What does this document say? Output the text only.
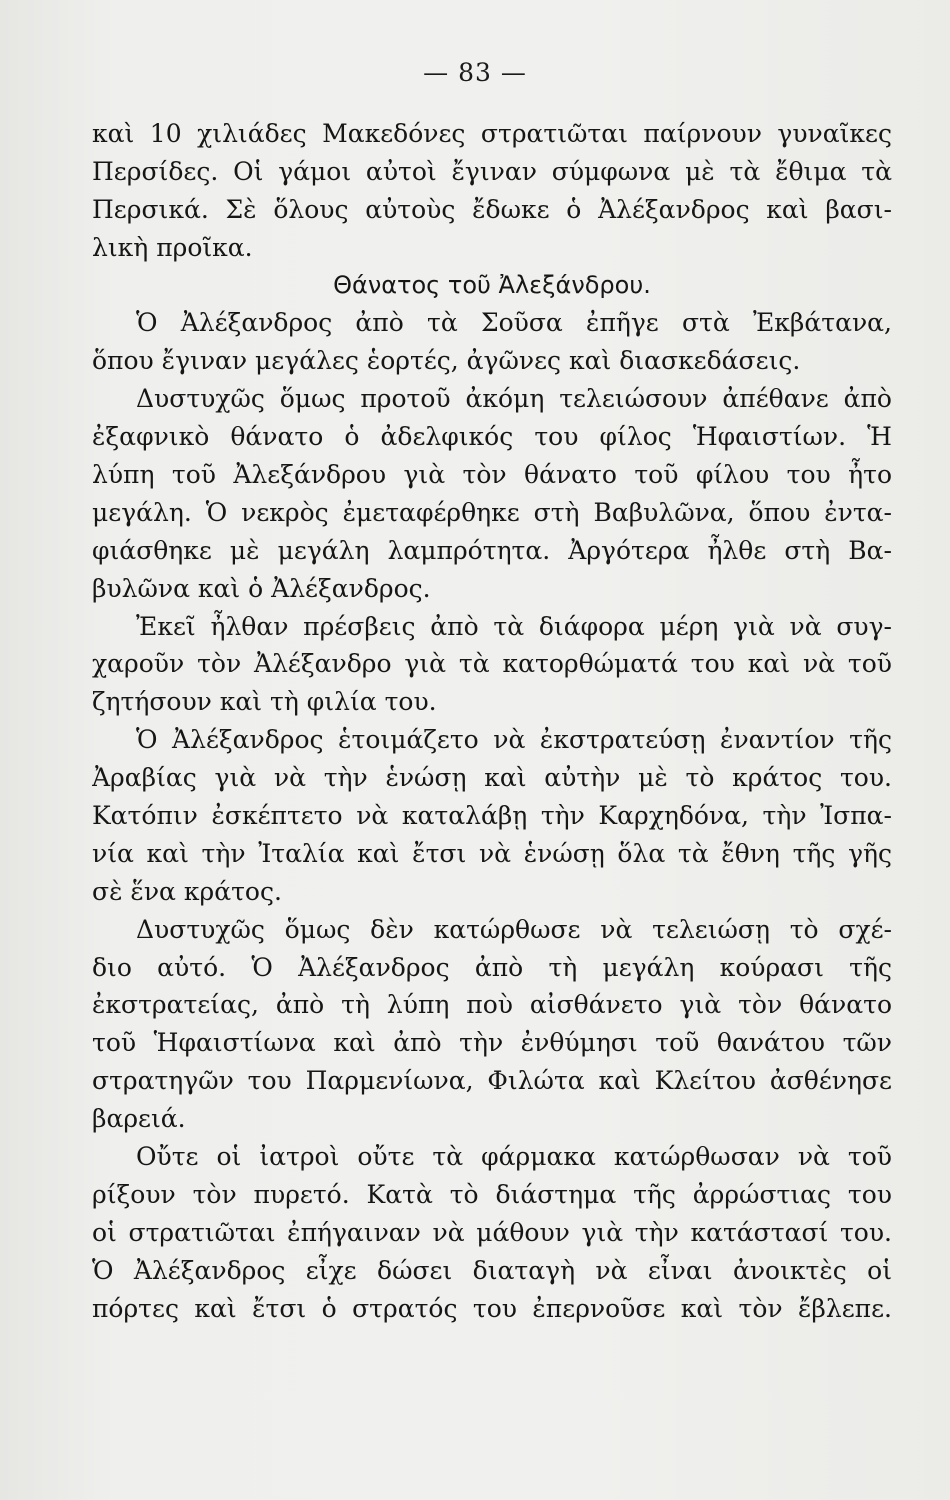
— 83 —
καὶ 10 χιλιάδες Μακεδόνες στρατιῶται παίρνουν γυναῖκες
Περσίδες. Οἱ γάμοι αὐτοὶ ἔγιναν σύμφωνα μὲ τὰ ἔθιμα τὰ
Περσικά. Σὲ ὅλους αὐτοὺς ἔδωκε ὁ Ἀλέξανδρος καὶ βασι-
λικὴ προῖκα.
Θάνατος τοῦ Ἀλεξάνδρου.
Ὁ Ἀλέξανδρος ἀπὸ τὰ Σοῦσα ἐπῆγε στὰ Ἐκβάτανα,
ὅπου ἔγιναν μεγάλες ἑορτές, ἀγῶνες καὶ διασκεδάσεις.
Δυστυχῶς ὅμως προτοῦ ἀκόμη τελειώσουν ἀπέθανε ἀπὸ
ἐξαφνικὸ θάνατο ὁ ἀδελφικός του φίλος Ἡφαιστίων. Ἡ
λύπη τοῦ Ἀλεξάνδρου γιὰ τὸν θάνατο τοῦ φίλου του ἦτο
μεγάλη. Ὁ νεκρὸς ἐμεταφέρθηκε στὴ Βαβυλῶνα, ὅπου ἐντα-
φιάσθηκε μὲ μεγάλη λαμπρότητα. Ἀργότερα ἦλθε στὴ Βα-
βυλῶνα καὶ ὁ Ἀλέξανδρος.
Ἐκεῖ ἦλθαν πρέσβεις ἀπὸ τὰ διάφορα μέρη γιὰ νὰ συγ-
χαροῦν τὸν Ἀλέξανδρο γιὰ τὰ κατορθώματά του καὶ νὰ τοῦ
ζητήσουν καὶ τὴ φιλία του.
Ὁ Ἀλέξανδρος ἑτοιμάζετο νὰ ἐκστρατεύσῃ ἐναντίον τῆς
Ἀραβίας γιὰ νὰ τὴν ἑνώσῃ καὶ αὐτὴν μὲ τὸ κράτος του.
Κατόπιν ἐσκέπτετο νὰ καταλάβῃ τὴν Καρχηδόνα, τὴν Ἰσπα-
νία καὶ τὴν Ἰταλία καὶ ἔτσι νὰ ἑνώσῃ ὅλα τὰ ἔθνη τῆς γῆς
σὲ ἕνα κράτος.
Δυστυχῶς ὅμως δὲν κατώρθωσε νὰ τελειώσῃ τὸ σχέ-
διο αὐτό. Ὁ Ἀλέξανδρος ἀπὸ τὴ μεγάλη κούρασι τῆς
ἐκστρατείας, ἀπὸ τὴ λύπη ποὺ αἰσθάνετο γιὰ τὸν θάνατο
τοῦ Ἡφαιστίωνα καὶ ἀπὸ τὴν ἐνθύμησι τοῦ θανάτου τῶν
στρατηγῶν του Παρμενίωνα, Φιλώτα καὶ Κλείτου ἀσθένησε
βαρειά.
Οὔτε οἱ ἰατροὶ οὔτε τὰ φάρμακα κατώρθωσαν νὰ τοῦ
ρίξουν τὸν πυρετό. Κατὰ τὸ διάστημα τῆς ἀρρώστιας του
οἱ στρατιῶται ἐπήγαιναν νὰ μάθουν γιὰ τὴν κατάστασί του.
Ὁ Ἀλέξανδρος εἶχε δώσει διαταγὴ νὰ εἶναι ἀνοικτὲς οἱ
πόρτες καὶ ἔτσι ὁ στρατός του ἐπερνοῦσε καὶ τὸν ἔβλεπε.
